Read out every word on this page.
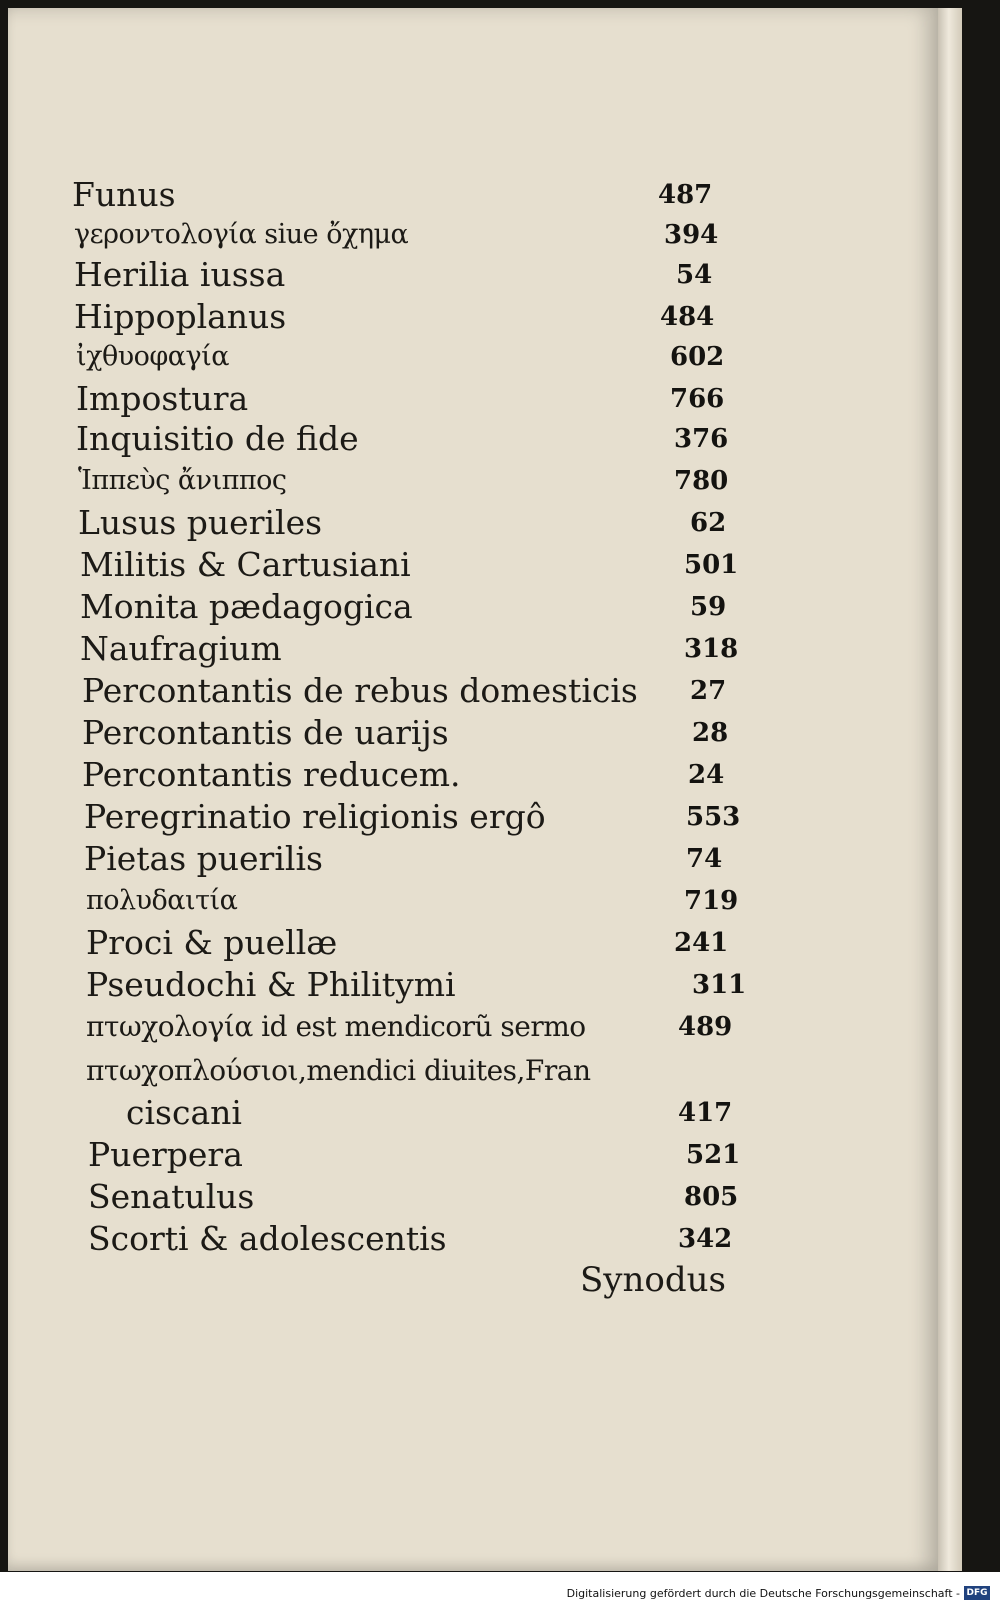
Funus	487
γεροντολογία siue ὄχημα	394
Herilia iussa	54
Hippoplanus	484
ἰχθυοφαγία	602
Impostura	766
Inquisitio de fide	376
Ἱππεὺς ἄνιππος	780
Lusus pueriles	62
Militis & Cartusiani	501
Monita pædagogica	59
Naufragium	318
Percontantis de rebus domesticis 27
Percontantis de uarijs	28
Percontantis reducem.	24
Peregrinatio religionis ergô	553
Pietas puerilis	74
πολυδαιτία	719
Proci & puellæ	241
Pseudochi & Philitymi	311
πτωχολογία id est mendicorũ sermo	489
πτωχοπλούσιοι,mendici diuites,Fran
ciscani	417
Puerpera	521
Senatulus	805
Scorti & adolescentis	342
Synodus
Digitalisierung gefördert durch die Deutsche Forschungsgemeinschaft - DFG
